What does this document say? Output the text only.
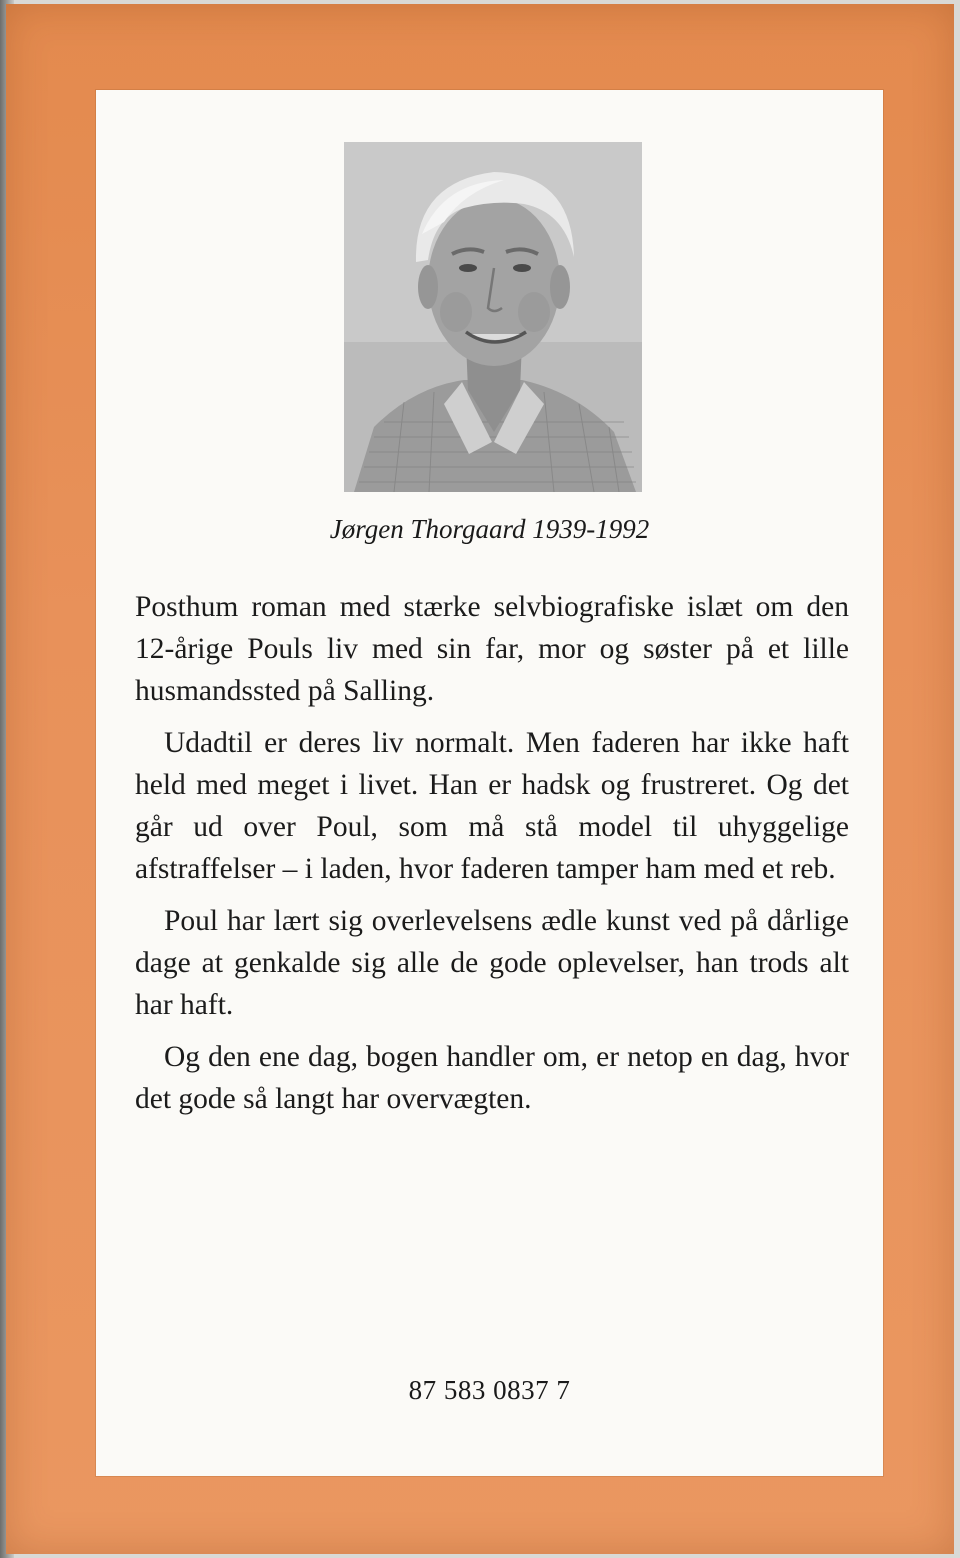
Jørgen Thorgaard 1939-1992

Posthum roman med stærke selvbiografiske islæt om den 12-årige Pouls liv med sin far, mor og søster på et lille husmandssted på Salling.

Udadtil er deres liv normalt. Men faderen har ikke haft held med meget i livet. Han er hadsk og frustreret. Og det går ud over Poul, som må stå model til uhyggelige afstraffelser – i laden, hvor faderen tamper ham med et reb.

Poul har lært sig overlevelsens ædle kunst ved på dårlige dage at genkalde sig alle de gode oplevelser, han trods alt har haft.

Og den ene dag, bogen handler om, er netop en dag, hvor det gode så langt har overvægten.

87 583 0837 7
